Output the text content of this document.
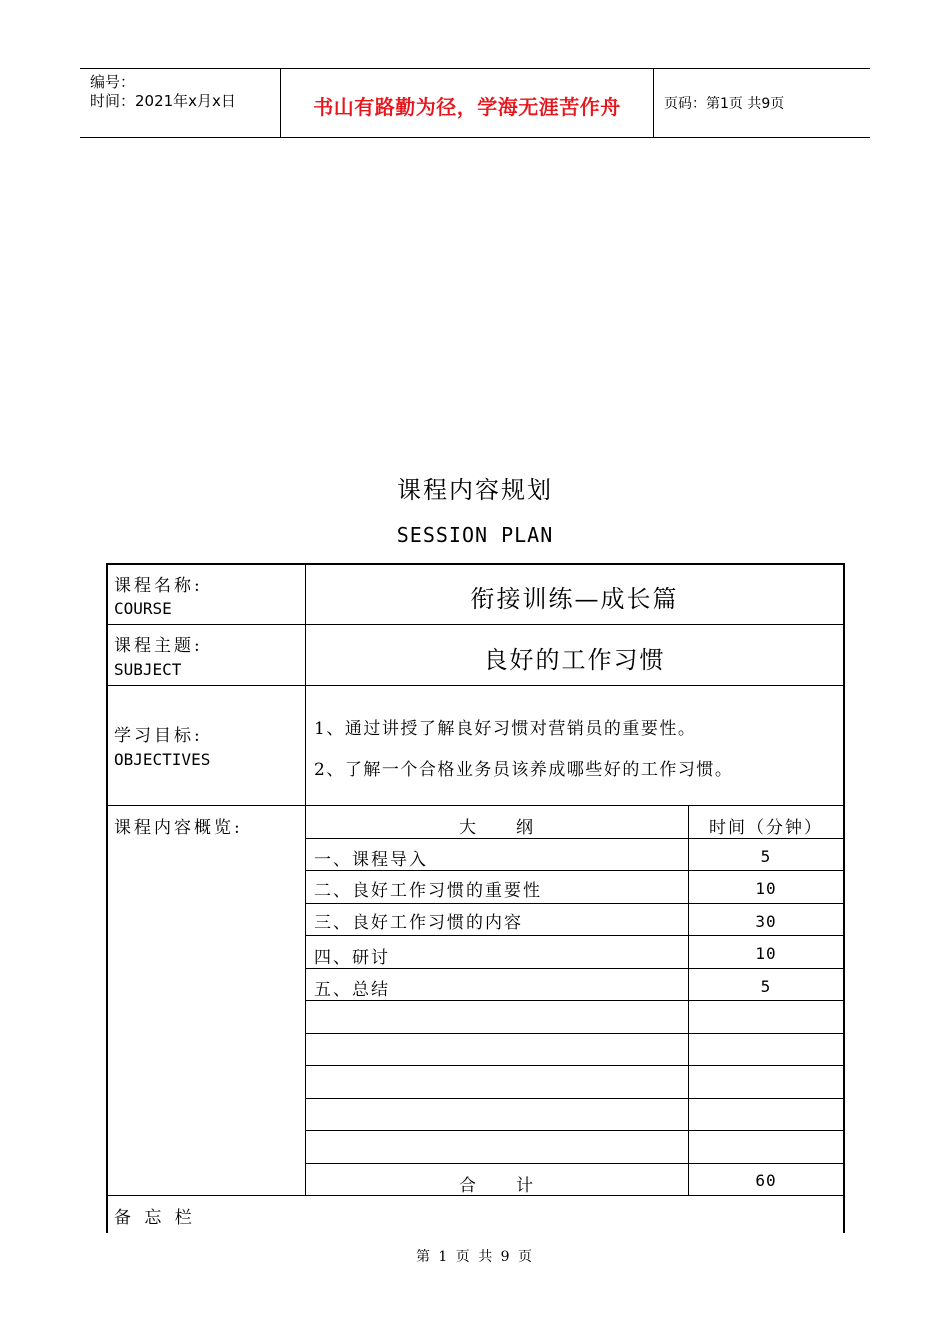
编号：
时间：2021年x月x日	书山有路勤为径，学海无涯苦作舟	页码：第1页 共9页
课程内容规划
SESSION PLAN
课程名称:
COURSE	衔接训练—成长篇
课程主题:
SUBJECT	良好的工作习惯
学习目标:
OBJECTIVES
1、通过讲授了解良好习惯对营销员的重要性。
2、了解一个合格业务员该养成哪些好的工作习惯。
课程内容概览:	大　　纲	时间（分钟）
一、课程导入	5
二、良好工作习惯的重要性	10
三、良好工作习惯的内容	30
四、研讨	10
五、总结	5
合　　计	60
备 忘 栏
第 1 页 共 9 页
